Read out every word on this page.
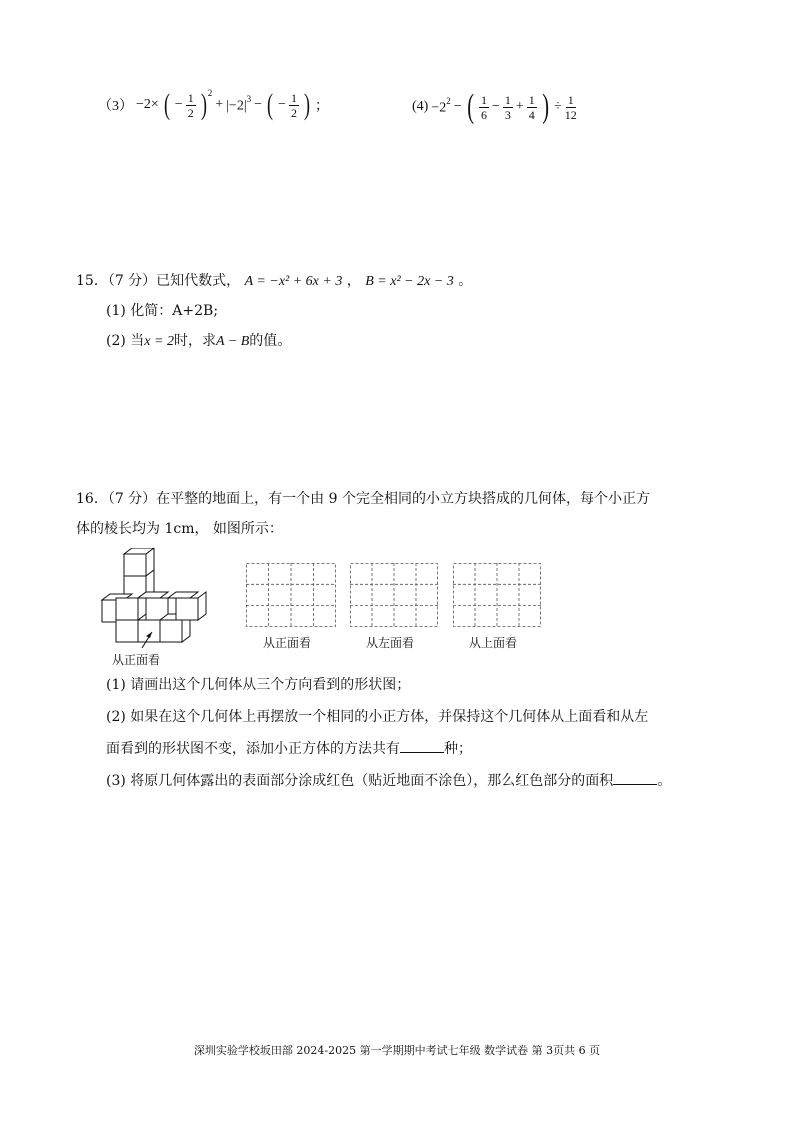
（3） −2× ( − $\frac{1}{2} )^2$
+ $|-2|^3$ − ( − $\frac{1}{2}$ ) ；	$(4) -2^2$ − ( $\frac{1}{6} - \frac{1}{3} + \frac{1}{4}$ ) ÷ $\frac{1}{12}$
15．（7 分）已知代数式， A = −x² + 6x + 3 ， B = x² − 2x − 3 。
(1) 化简：A+2B;
(2) 当x = 2时，求A − B的值。
16．（7 分）在平整的地面上，有一个由 9 个完全相同的小立方块搭成的几何体，每个小正方
体的棱长均为 1cm， 如图所示：
从正面看
从正面看	从左面看	从上面看
(1) 请画出这个几何体从三个方向看到的形状图；
(2) 如果在这个几何体上再摆放一个相同的小正方体，并保持这个几何体从上面看和从左
面看到的形状图不变，添加小正方体的方法共有	种；
(3) 将原几何体露出的表面部分涂成红色（贴近地面不涂色），那么红色部分的面积	。
深圳实验学校坂田部 2024-2025 第一学期期中考试七年级 数学试卷 第 3页共 6 页
